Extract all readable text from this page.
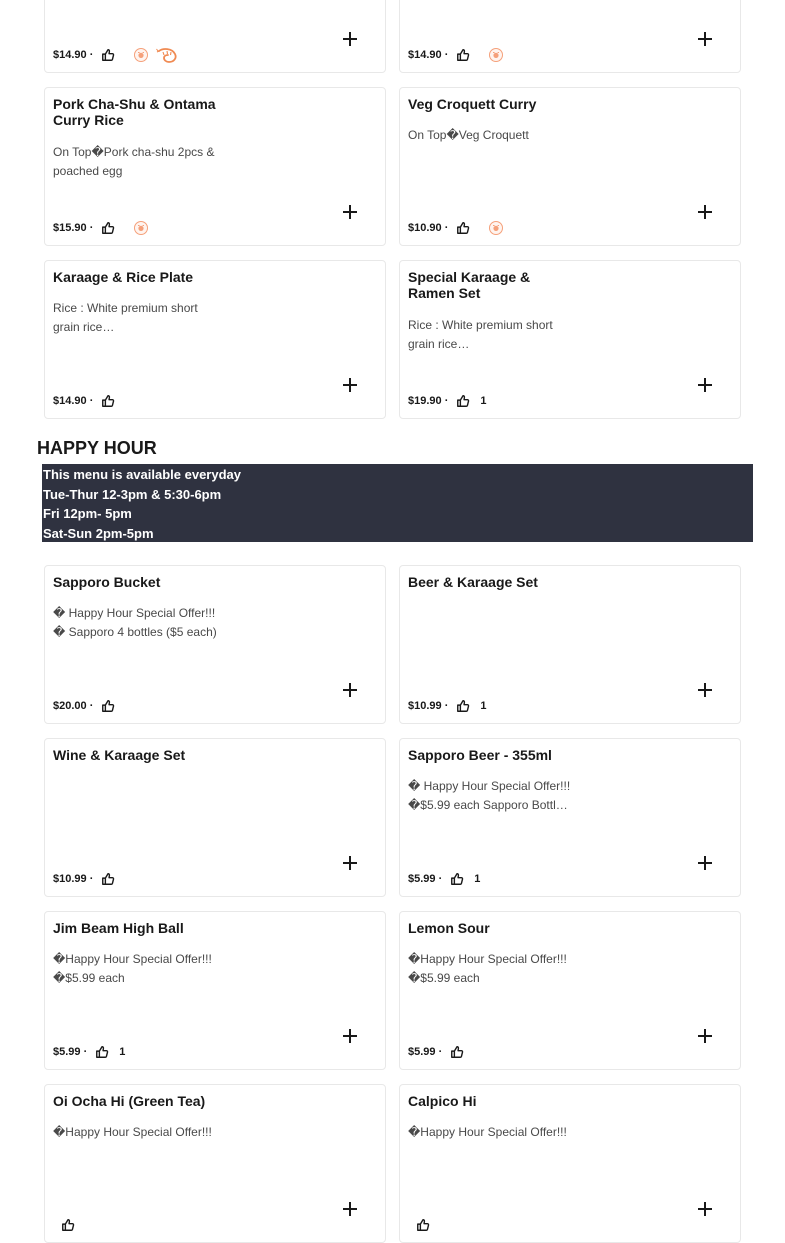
$14.90 ·	$14.90 ·
Pork Cha-Shu & Ontama Curry Rice
On Top�Pork cha-shu 2pcs & poached egg
$15.90 ·
Veg Croquett Curry
On Top�Veg Croquett
$10.90 ·
Karaage & Rice Plate
Rice : White premium short grain rice…
$14.90 ·
Special Karaage & Ramen Set
Rice : White premium short grain rice…
$19.90 ·	1
HAPPY HOUR
This menu is available everyday
Tue-Thur 12-3pm & 5:30-6pm
Fri 12pm- 5pm
Sat-Sun 2pm-5pm
Sapporo Bucket
� Happy Hour Special Offer!!!
� Sapporo 4 bottles ($5 each)
$20.00 ·
Beer & Karaage Set
$10.99 ·	1
Wine & Karaage Set
$10.99 ·
Sapporo Beer - 355ml
� Happy Hour Special Offer!!!
�$5.99 each Sapporo Bottl…
$5.99 ·	1
Jim Beam High Ball
�Happy Hour Special Offer!!!
�$5.99 each
$5.99 ·	1
Lemon Sour
�Happy Hour Special Offer!!!
�$5.99 each
$5.99 ·
Oi Ocha Hi (Green Tea)
�Happy Hour Special Offer!!!
Calpico Hi
�Happy Hour Special Offer!!!
